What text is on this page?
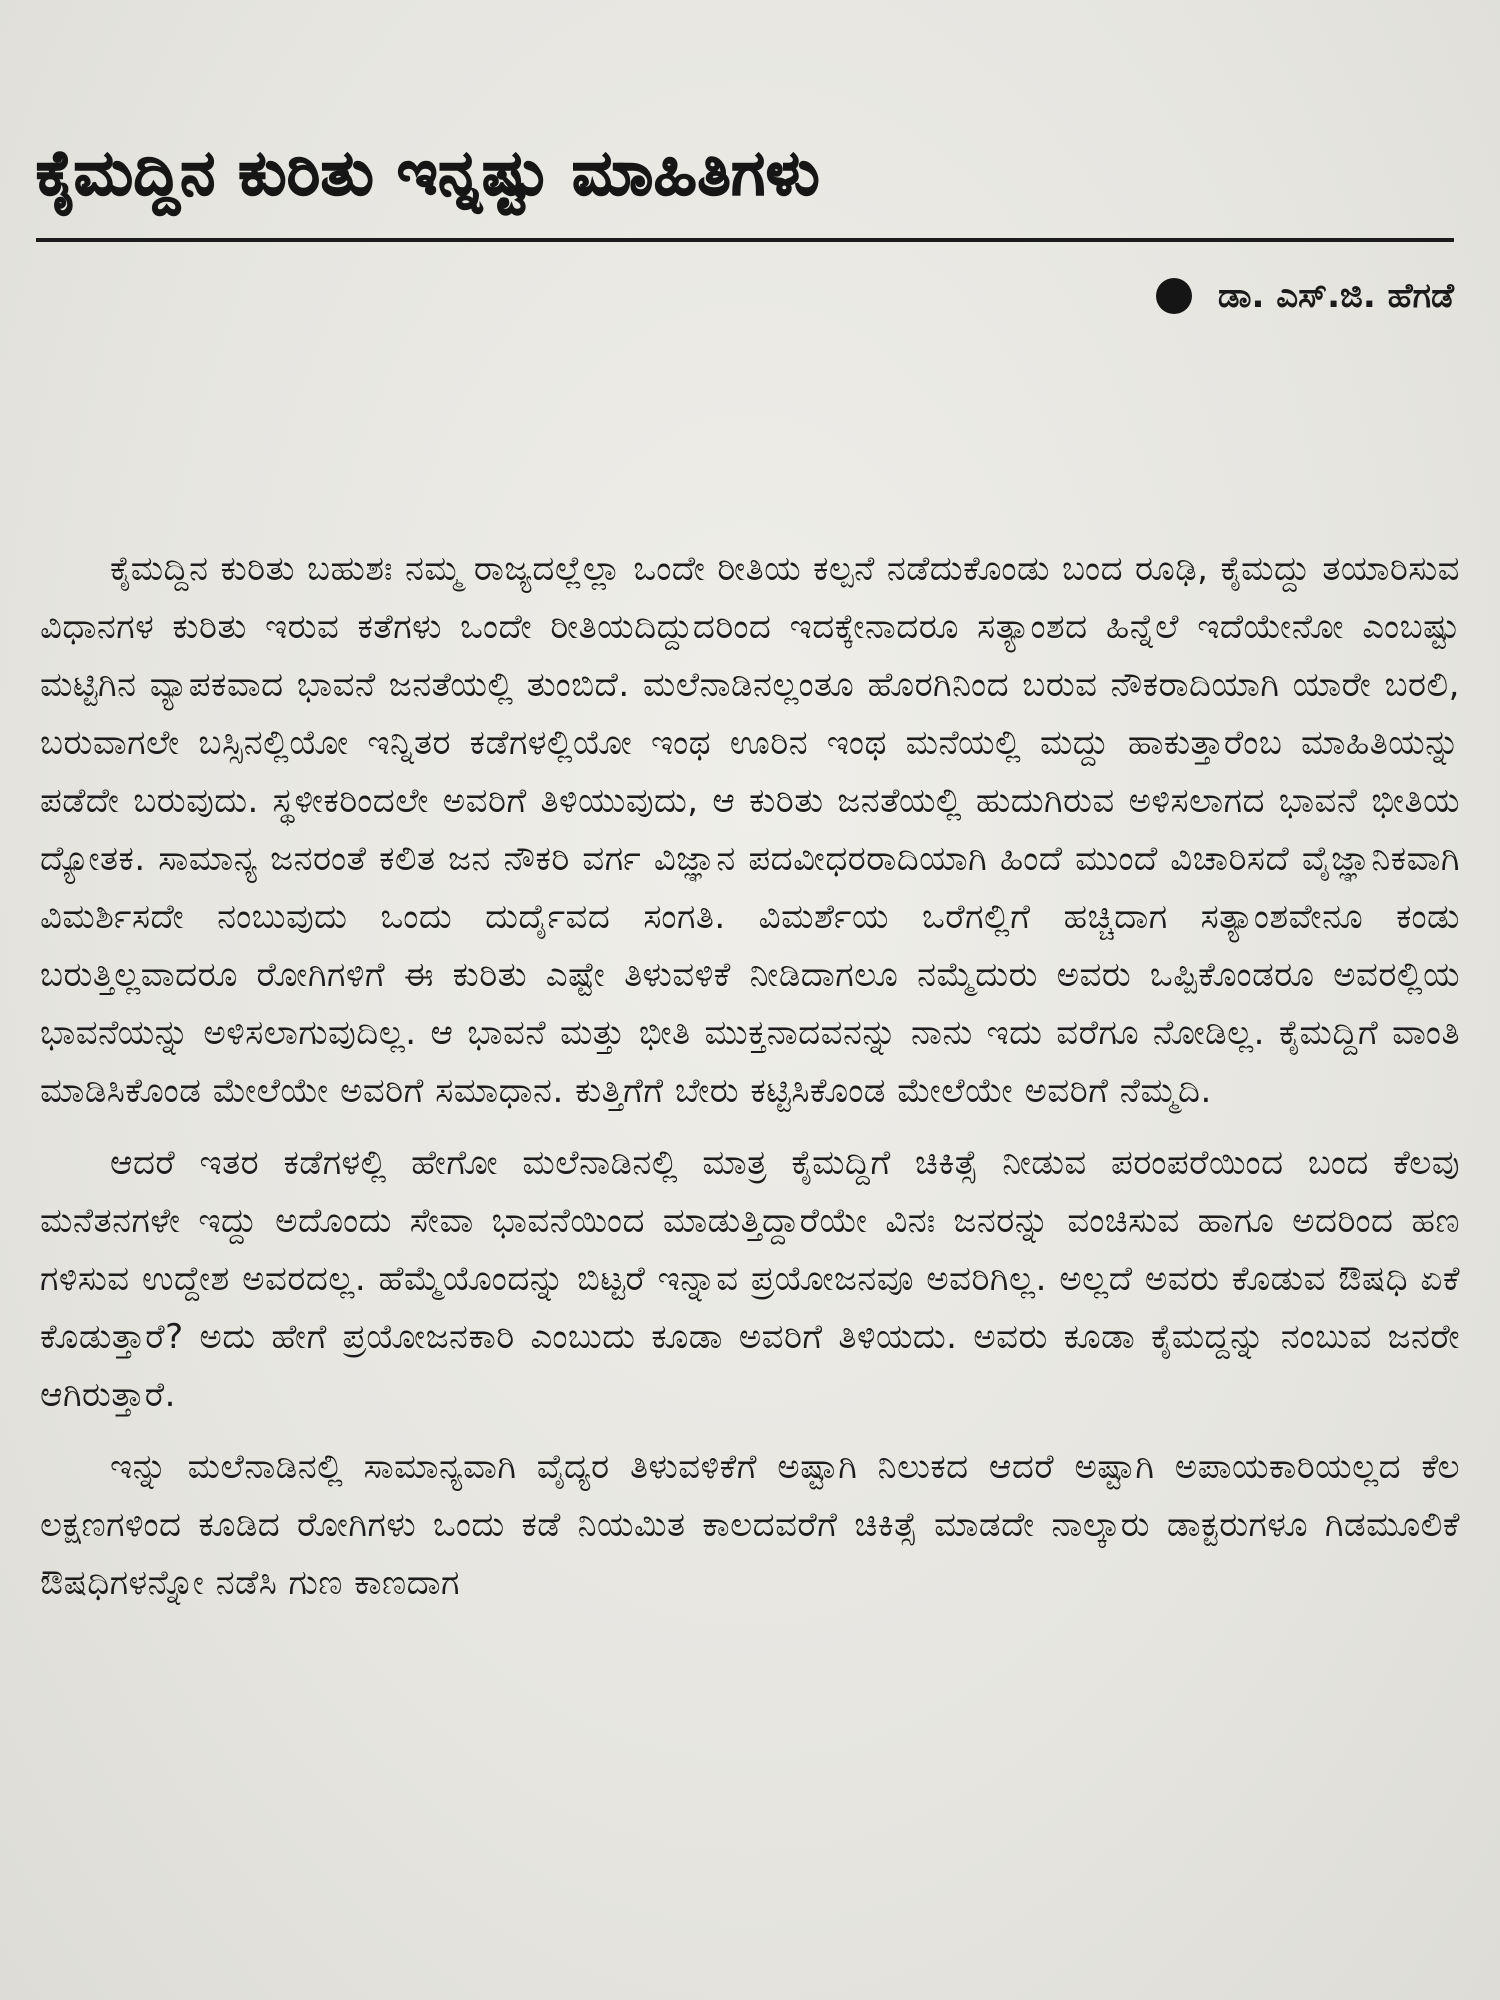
ಕೈಮದ್ದಿನ ಕುರಿತು ಇನ್ನಷ್ಟು ಮಾಹಿತಿಗಳು
ಡಾ. ಎಸ್.ಜಿ. ಹೆಗಡೆ

ಕೈಮದ್ದಿನ ಕುರಿತು ಬಹುಶಃ ನಮ್ಮ ರಾಜ್ಯದಲ್ಲೆಲ್ಲಾ ಒಂದೇ ರೀತಿಯ ಕಲ್ಪನೆ ನಡೆದುಕೊಂಡು ಬಂದ ರೂಢಿ, ಕೈಮದ್ದು ತಯಾರಿಸುವ ವಿಧಾನಗಳ ಕುರಿತು ಇರುವ ಕತೆಗಳು ಒಂದೇ ರೀತಿಯದಿದ್ದುದರಿಂದ ಇದಕ್ಕೇನಾದರೂ ಸತ್ಯಾಂಶದ ಹಿನ್ನೆಲೆ ಇದೆಯೇನೋ ಎಂಬಷ್ಟು ಮಟ್ಟಿಗಿನ ವ್ಯಾಪಕವಾದ ಭಾವನೆ ಜನತೆಯಲ್ಲಿ ತುಂಬಿದೆ. ಮಲೆನಾಡಿನಲ್ಲಂತೂ ಹೊರಗಿನಿಂದ ಬರುವ ನೌಕರಾದಿಯಾಗಿ ಯಾರೇ ಬರಲಿ, ಬರುವಾಗಲೇ ಬಸ್ಸಿನಲ್ಲಿಯೋ ಇನ್ನಿತರ ಕಡೆಗಳಲ್ಲಿಯೋ ಇಂಥ ಊರಿನ ಇಂಥ ಮನೆಯಲ್ಲಿ ಮದ್ದು ಹಾಕುತ್ತಾರೆಂಬ ಮಾಹಿತಿಯನ್ನು ಪಡೆದೇ ಬರುವುದು. ಸ್ಥಳೀಕರಿಂದಲೇ ಅವರಿಗೆ ತಿಳಿಯುವುದು, ಆ ಕುರಿತು ಜನತೆಯಲ್ಲಿ ಹುದುಗಿರುವ ಅಳಿಸಲಾಗದ ಭಾವನೆ ಭೀತಿಯ ದ್ಯೋತಕ. ಸಾಮಾನ್ಯ ಜನರಂತೆ ಕಲಿತ ಜನ ನೌಕರಿ ವರ್ಗ ವಿಜ್ಞಾನ ಪದವೀಧರರಾದಿಯಾಗಿ ಹಿಂದೆ ಮುಂದೆ ವಿಚಾರಿಸದೆ ವೈಜ್ಞಾನಿಕವಾಗಿ ವಿಮರ್ಶಿಸದೇ ನಂಬುವುದು ಒಂದು ದುರ್ದೈವದ ಸಂಗತಿ. ವಿಮರ್ಶೆಯ ಒರೆಗಲ್ಲಿಗೆ ಹಚ್ಚಿದಾಗ ಸತ್ಯಾಂಶವೇನೂ ಕಂಡು ಬರುತ್ತಿಲ್ಲವಾದರೂ ರೋಗಿಗಳಿಗೆ ಈ ಕುರಿತು ಎಷ್ಟೇ ತಿಳುವಳಿಕೆ ನೀಡಿದಾಗಲೂ ನಮ್ಮೆದುರು ಅವರು ಒಪ್ಪಿಕೊಂಡರೂ ಅವರಲ್ಲಿಯ ಭಾವನೆಯನ್ನು ಅಳಿಸಲಾಗುವುದಿಲ್ಲ. ಆ ಭಾವನೆ ಮತ್ತು ಭೀತಿ ಮುಕ್ತನಾದವನನ್ನು ನಾನು ಇದು ವರೆಗೂ ನೋಡಿಲ್ಲ. ಕೈಮದ್ದಿಗೆ ವಾಂತಿ ಮಾಡಿಸಿಕೊಂಡ ಮೇಲೆಯೇ ಅವರಿಗೆ ಸಮಾಧಾನ. ಕುತ್ತಿಗೆಗೆ ಬೇರು ಕಟ್ಟಿಸಿಕೊಂಡ ಮೇಲೆಯೇ ಅವರಿಗೆ ನೆಮ್ಮದಿ.

ಆದರೆ ಇತರ ಕಡೆಗಳಲ್ಲಿ ಹೇಗೋ ಮಲೆನಾಡಿನಲ್ಲಿ ಮಾತ್ರ ಕೈಮದ್ದಿಗೆ ಚಿಕಿತ್ಸೆ ನೀಡುವ ಪರಂಪರೆಯಿಂದ ಬಂದ ಕೆಲವು ಮನೆತನಗಳೇ ಇದ್ದು ಅದೊಂದು ಸೇವಾ ಭಾವನೆಯಿಂದ ಮಾಡುತ್ತಿದ್ದಾರೆಯೇ ವಿನಃ ಜನರನ್ನು ವಂಚಿಸುವ ಹಾಗೂ ಅದರಿಂದ ಹಣ ಗಳಿಸುವ ಉದ್ದೇಶ ಅವರದಲ್ಲ. ಹೆಮ್ಮೆಯೊಂದನ್ನು ಬಿಟ್ಟರೆ ಇನ್ನಾವ ಪ್ರಯೋಜನವೂ ಅವರಿಗಿಲ್ಲ. ಅಲ್ಲದೆ ಅವರು ಕೊಡುವ ಔಷಧಿ ಏಕೆ ಕೊಡುತ್ತಾರೆ? ಅದು ಹೇಗೆ ಪ್ರಯೋಜನಕಾರಿ ಎಂಬುದು ಕೂಡಾ ಅವರಿಗೆ ತಿಳಿಯದು. ಅವರು ಕೂಡಾ ಕೈಮದ್ದನ್ನು ನಂಬುವ ಜನರೇ ಆಗಿರುತ್ತಾರೆ.

ಇನ್ನು ಮಲೆನಾಡಿನಲ್ಲಿ ಸಾಮಾನ್ಯವಾಗಿ ವೈದ್ಯರ ತಿಳುವಳಿಕೆಗೆ ಅಷ್ಟಾಗಿ ನಿಲುಕದ ಆದರೆ ಅಷ್ಟಾಗಿ ಅಪಾಯಕಾರಿಯಲ್ಲದ ಕೆಲ ಲಕ್ಷಣಗಳಿಂದ ಕೂಡಿದ ರೋಗಿಗಳು ಒಂದು ಕಡೆ ನಿಯಮಿತ ಕಾಲದವರೆಗೆ ಚಿಕಿತ್ಸೆ ಮಾಡದೇ ನಾಲ್ಕಾರು ಡಾಕ್ಟರುಗಳೂ ಗಿಡಮೂಲಿಕೆ ಔಷಧಿಗಳನ್ನೋ ನಡೆಸಿ ಗುಣ ಕಾಣದಾಗ
